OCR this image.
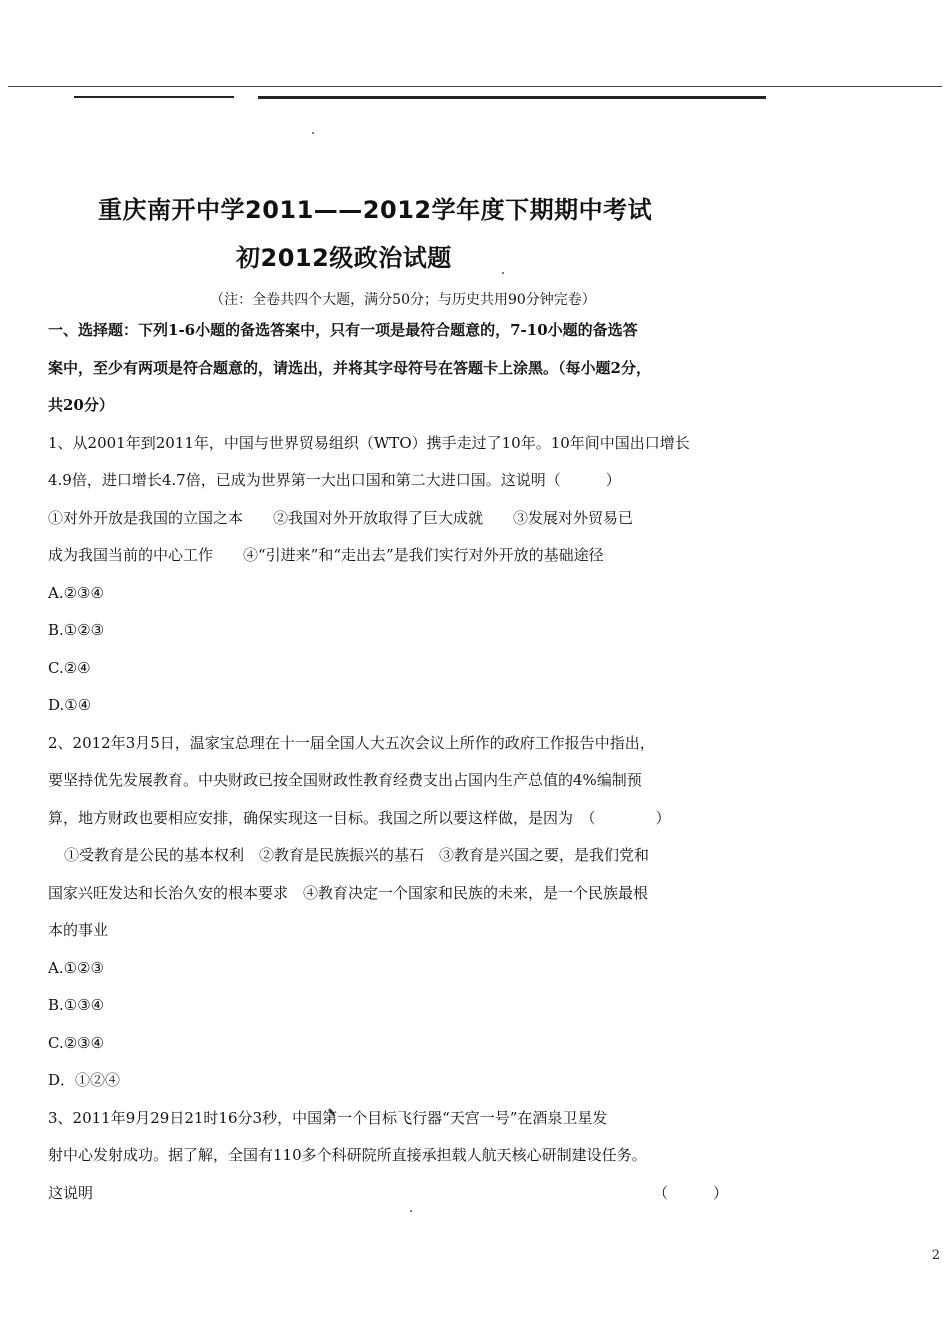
重庆南开中学2011——2012学年度下期期中考试
初2012级政治试题
（注：全卷共四个大题，满分50分；与历史共用90分钟完卷）

一、选择题：下列1-6小题的备选答案中，只有一项是最符合题意的，7-10小题的备选答

案中，至少有两项是符合题意的，请选出，并将其字母符号在答题卡上涂黑。（每小题2分，

共20分）

1、从2001年到2011年，中国与世界贸易组织（WTO）携手走过了10年。10年间中国出口增长

4.9倍，进口增长4.7倍，已成为世界第一大出口国和第二大进口国。这说明（　　　）

①对外开放是我国的立国之本　　②我国对外开放取得了巨大成就　　③发展对外贸易已

成为我国当前的中心工作　　④“引进来”和“走出去”是我们实行对外开放的基础途径

A.②③④

B.①②③

C.②④

D.①④

2、2012年3月5日，温家宝总理在十一届全国人大五次会议上所作的政府工作报告中指出，

要坚持优先发展教育。中央财政已按全国财政性教育经费支出占国内生产总值的4%编制预

算，地方财政也要相应安排，确保实现这一目标。我国之所以要这样做，是因为　（　　　　）

①受教育是公民的基本权利　②教育是民族振兴的基石　③教育是兴国之要，是我们党和

国家兴旺发达和长治久安的根本要求　④教育决定一个国家和民族的未来，是一个民族最根

本的事业

A.①②③

B.①③④

C.②③④

D．①②④

3、2011年9月29日21时16分3秒，中国第一个目标飞行器“天宫一号”在酒泉卫星发

射中心发射成功。据了解，全国有110多个科研院所直接承担载人航天核心研制建设任务。

这说明	（　　　）

2
